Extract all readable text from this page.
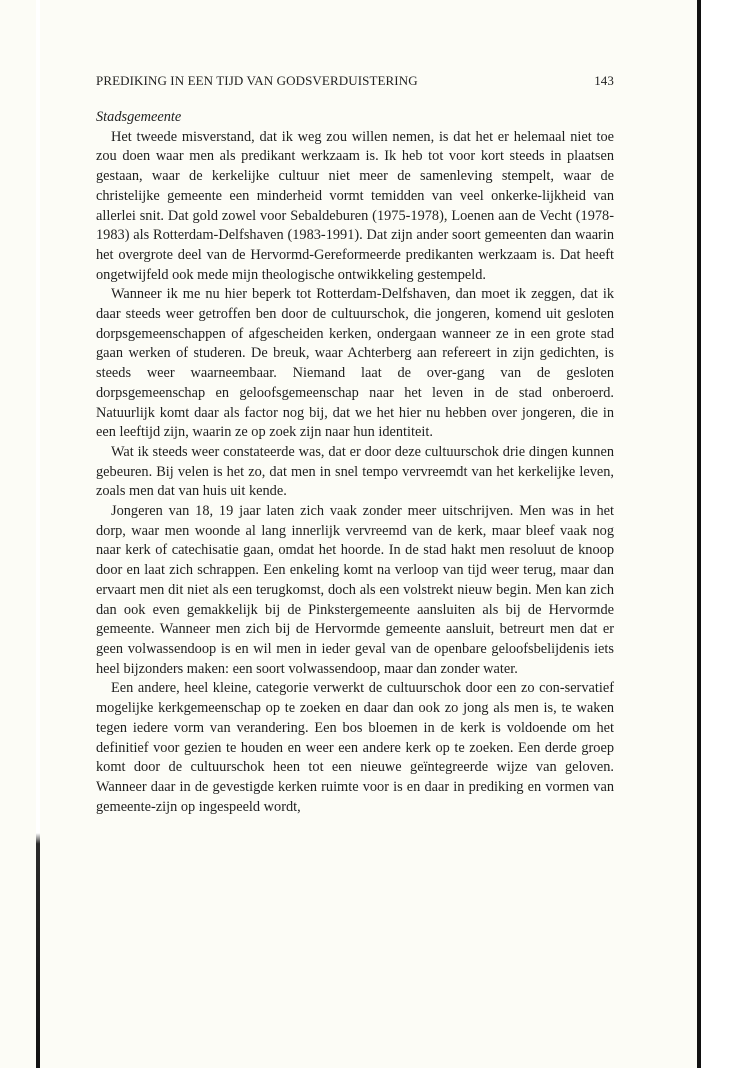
PREDIKING IN EEN TIJD VAN GODSVERDUISTERING	143
Stadsgemeente

Het tweede misverstand, dat ik weg zou willen nemen, is dat het er helemaal niet toe zou doen waar men als predikant werkzaam is. Ik heb tot voor kort steeds in plaatsen gestaan, waar de kerkelijke cultuur niet meer de samenleving stempelt, waar de christelijke gemeente een minderheid vormt temidden van veel onkerke-lijkheid van allerlei snit. Dat gold zowel voor Sebaldeburen (1975-1978), Loenen aan de Vecht (1978-1983) als Rotterdam-Delfshaven (1983-1991). Dat zijn ander soort gemeenten dan waarin het overgrote deel van de Hervormd-Gereformeerde predikanten werkzaam is. Dat heeft ongetwijfeld ook mede mijn theologische ontwikkeling gestempeld.

Wanneer ik me nu hier beperk tot Rotterdam-Delfshaven, dan moet ik zeggen, dat ik daar steeds weer getroffen ben door de cultuurschok, die jongeren, komend uit gesloten dorpsgemeenschappen of afgescheiden kerken, ondergaan wanneer ze in een grote stad gaan werken of studeren. De breuk, waar Achterberg aan refereert in zijn gedichten, is steeds weer waarneembaar. Niemand laat de over-gang van de gesloten dorpsgemeenschap en geloofsgemeenschap naar het leven in de stad onberoerd. Natuurlijk komt daar als factor nog bij, dat we het hier nu hebben over jongeren, die in een leeftijd zijn, waarin ze op zoek zijn naar hun identiteit.

Wat ik steeds weer constateerde was, dat er door deze cultuurschok drie dingen kunnen gebeuren. Bij velen is het zo, dat men in snel tempo vervreemdt van het kerkelijke leven, zoals men dat van huis uit kende.

Jongeren van 18, 19 jaar laten zich vaak zonder meer uitschrijven. Men was in het dorp, waar men woonde al lang innerlijk vervreemd van de kerk, maar bleef vaak nog naar kerk of catechisatie gaan, omdat het hoorde. In de stad hakt men resoluut de knoop door en laat zich schrappen. Een enkeling komt na verloop van tijd weer terug, maar dan ervaart men dit niet als een terugkomst, doch als een volstrekt nieuw begin. Men kan zich dan ook even gemakkelijk bij de Pinkstergemeente aansluiten als bij de Hervormde gemeente. Wanneer men zich bij de Hervormde gemeente aansluit, betreurt men dat er geen volwassendoop is en wil men in ieder geval van de openbare geloofsbelijdenis iets heel bijzonders maken: een soort volwassendoop, maar dan zonder water.

Een andere, heel kleine, categorie verwerkt de cultuurschok door een zo con-servatief mogelijke kerkgemeenschap op te zoeken en daar dan ook zo jong als men is, te waken tegen iedere vorm van verandering. Een bos bloemen in de kerk is voldoende om het definitief voor gezien te houden en weer een andere kerk op te zoeken. Een derde groep komt door de cultuurschok heen tot een nieuwe geïntegreerde wijze van geloven. Wanneer daar in de gevestigde kerken ruimte voor is en daar in prediking en vormen van gemeente-zijn op ingespeeld wordt,
